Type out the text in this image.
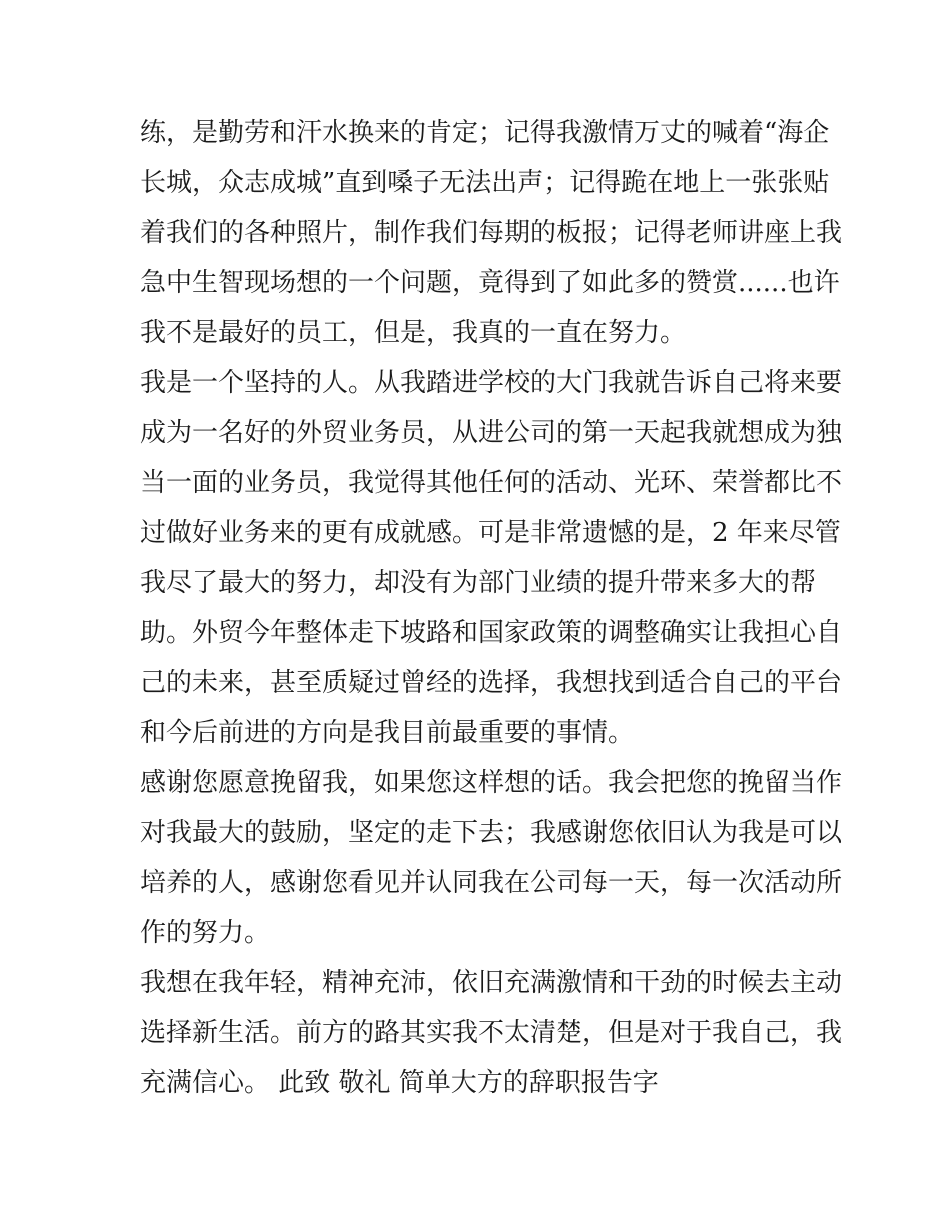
练，是勤劳和汗水换来的肯定；记得我激情万丈的喊着“海企
长城，众志成城”直到嗓子无法出声；记得跪在地上一张张贴
着我们的各种照片，制作我们每期的板报；记得老师讲座上我
急中生智现场想的一个问题，竟得到了如此多的赞赏......也许
我不是最好的员工，但是，我真的一直在努力。
我是一个坚持的人。从我踏进学校的大门我就告诉自己将来要
成为一名好的外贸业务员，从进公司的第一天起我就想成为独
当一面的业务员，我觉得其他任何的活动、光环、荣誉都比不
过做好业务来的更有成就感。可是非常遗憾的是，2 年来尽管
我尽了最大的努力，却没有为部门业绩的提升带来多大的帮
助。外贸今年整体走下坡路和国家政策的调整确实让我担心自
己的未来，甚至质疑过曾经的选择，我想找到适合自己的平台
和今后前进的方向是我目前最重要的事情。
感谢您愿意挽留我，如果您这样想的话。我会把您的挽留当作
对我最大的鼓励，坚定的走下去；我感谢您依旧认为我是可以
培养的人，感谢您看见并认同我在公司每一天，每一次活动所
作的努力。
我想在我年轻，精神充沛，依旧充满激情和干劲的时候去主动
选择新生活。前方的路其实我不太清楚，但是对于我自己，我
充满信心。 此致 敬礼 简单大方的辞职报告字
